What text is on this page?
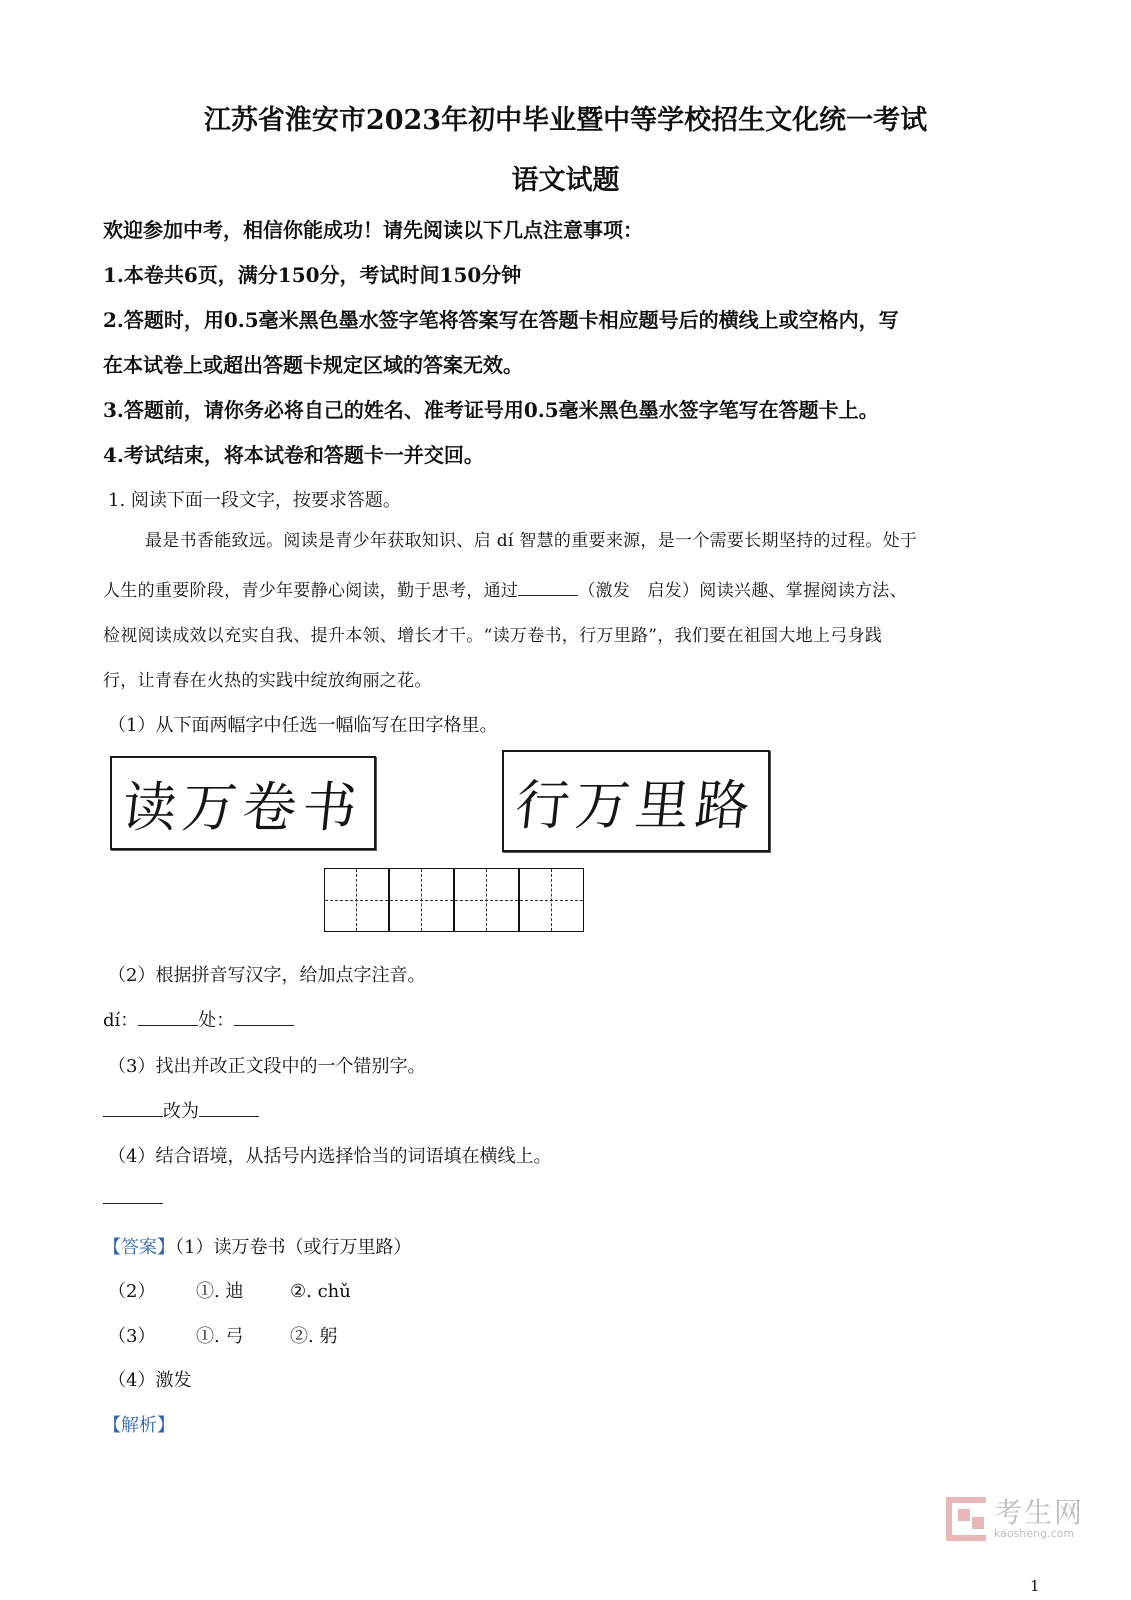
江苏省淮安市2023年初中毕业暨中等学校招生文化统一考试
语文试题
欢迎参加中考，相信你能成功！请先阅读以下几点注意事项：
1.本卷共6页，满分150分，考试时间150分钟
2.答题时，用0.5毫米黑色墨水签字笔将答案写在答题卡相应题号后的横线上或空格内，写
在本试卷上或超出答题卡规定区域的答案无效。
3.答题前，请你务必将自己的姓名、准考证号用0.5毫米黑色墨水签字笔写在答题卡上。
4.考试结束，将本试卷和答题卡一并交回。
1. 阅读下面一段文字，按要求答题。
最是书香能致远。阅读是青少年获取知识、启 dí 智慧的重要来源，是一个需要长期坚持的过程。处于
人生的重要阶段，青少年要静心阅读，勤于思考，通过	（激发　启发）阅读兴趣、掌握阅读方法、
检视阅读成效以充实自我、提升本领、增长才干。“读万卷书，行万里路”，我们要在祖国大地上弓身践
行，让青春在火热的实践中绽放绚丽之花。
（1）从下面两幅字中任选一幅临写在田字格里。
读万卷书	行万里路
（2）根据拼音写汉字，给加点字注音。
dí：	处：
（3）找出并改正文段中的一个错别字。
改为
（4）结合语境，从括号内选择恰当的词语填在横线上。
【答案】（1）读万卷书（或行万里路）
（2） ①. 迪	②. chǔ
（3） ①. 弓	②. 躬
（4）激发
【解析】
考生网
kaosheng.com
1
